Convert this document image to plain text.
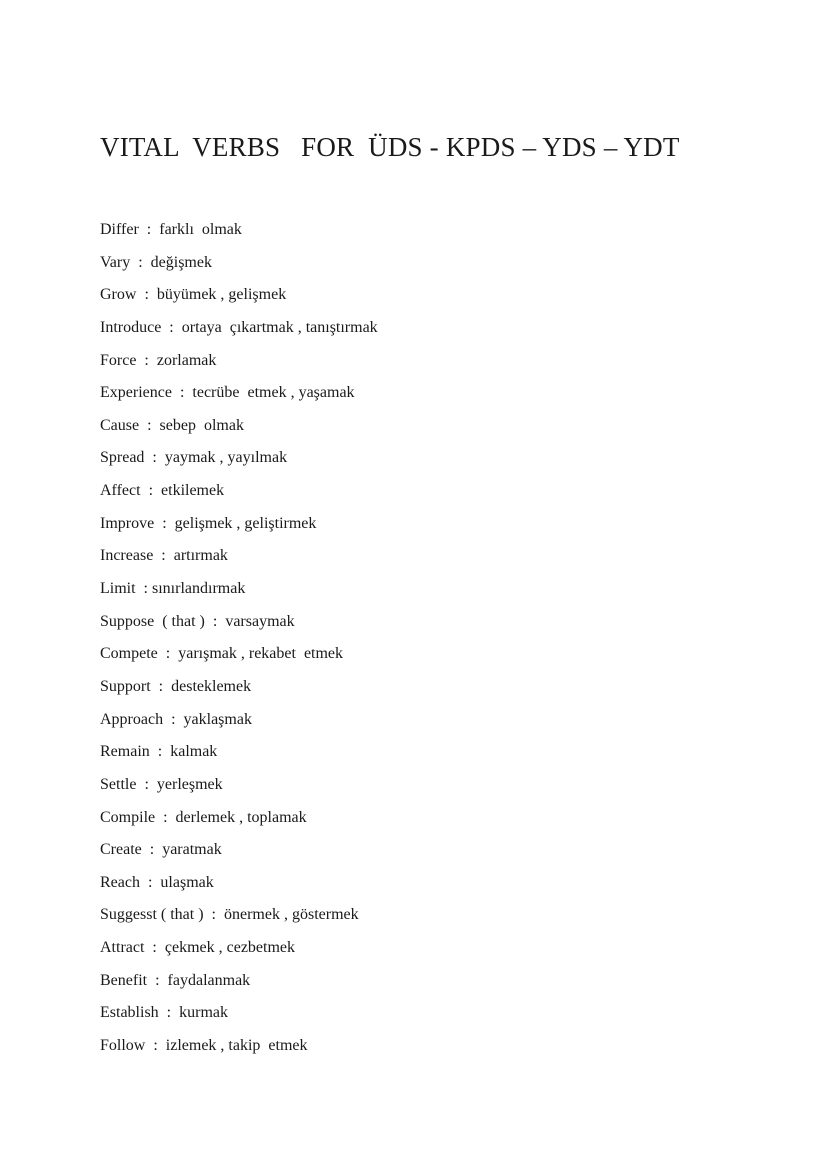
VITAL  VERBS   FOR  ÜDS - KPDS – YDS – YDT
Differ  :  farklı  olmak
Vary  :  değişmek
Grow  :  büyümek , gelişmek
Introduce  :  ortaya  çıkartmak , tanıştırmak
Force  :  zorlamak
Experience  :  tecrübe  etmek , yaşamak
Cause  :  sebep  olmak
Spread  :  yaymak , yayılmak
Affect  :  etkilemek
Improve  :  gelişmek , geliştirmek
Increase  :  artırmak
Limit  : sınırlandırmak
Suppose  ( that )  :  varsaymak
Compete  :  yarışmak , rekabet  etmek
Support  :  desteklemek
Approach  :  yaklaşmak
Remain  :  kalmak
Settle  :  yerleşmek
Compile  :  derlemek , toplamak
Create  :  yaratmak
Reach  :  ulaşmak
Suggesst ( that )  :  önermek , göstermek
Attract  :  çekmek , cezbetmek
Benefit  :  faydalanmak
Establish  :  kurmak
Follow  :  izlemek , takip  etmek
